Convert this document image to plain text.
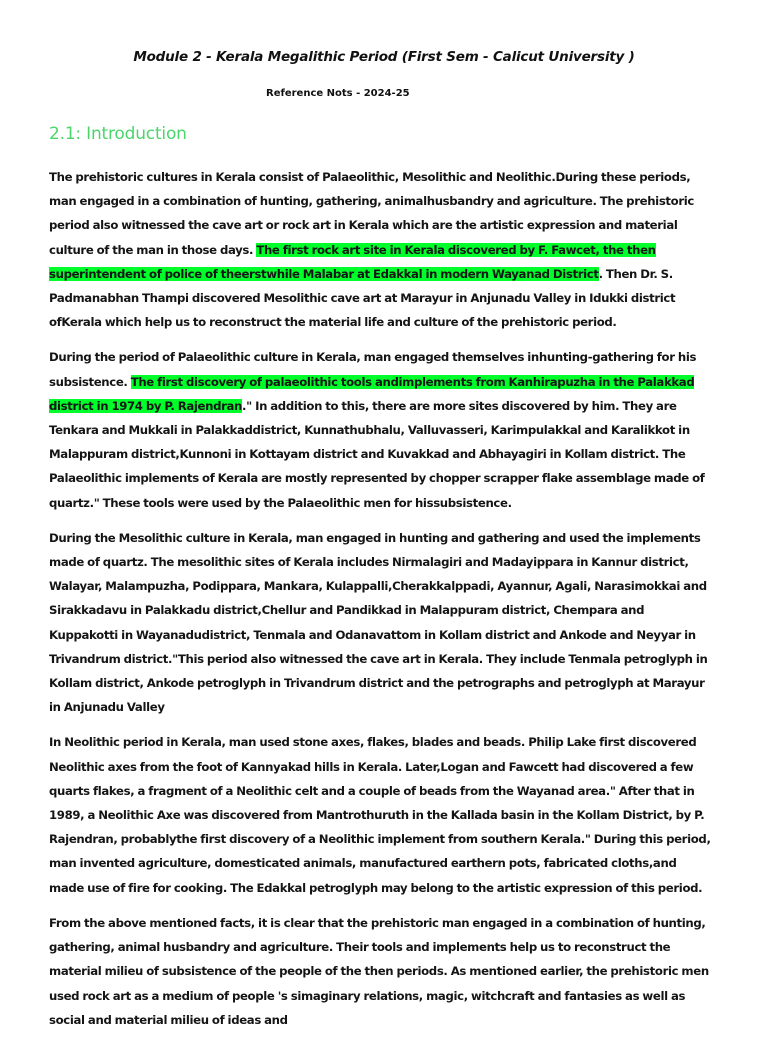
Module 2 - Kerala Megalithic Period (First Sem - Calicut University )
Reference Nots - 2024-25
2.1: Introduction

The prehistoric cultures in Kerala consist of Palaeolithic, Mesolithic and Neolithic.During these periods, man engaged in a combination of hunting, gathering, animalhusbandry and agriculture. The prehistoric period also witnessed the cave art or rock art in Kerala which are the artistic expression and material culture of the man in those days. The first rock art site in Kerala discovered by F. Fawcet, the then superintendent of police of theerstwhile Malabar at Edakkal in modern Wayanad District. Then Dr. S. Padmanabhan Thampi discovered Mesolithic cave art at Marayur in Anjunadu Valley in Idukki district ofKerala which help us to reconstruct the material life and culture of the prehistoric period.

During the period of Palaeolithic culture in Kerala, man engaged themselves inhunting-gathering for his subsistence. The first discovery of palaeolithic tools andimplements from Kanhirapuzha in the Palakkad district in 1974 by P. Rajendran." In addition to this, there are more sites discovered by him. They are Tenkara and Mukkali in Palakkaddistrict, Kunnathubhalu, Valluvasseri, Karimpulakkal and Karalikkot in Malappuram district,Kunnoni in Kottayam district and Kuvakkad and Abhayagiri in Kollam district. The Palaeolithic implements of Kerala are mostly represented by chopper scrapper flake assemblage made of quartz." These tools were used by the Palaeolithic men for hissubsistence.

During the Mesolithic culture in Kerala, man engaged in hunting and gathering and used the implements made of quartz. The mesolithic sites of Kerala includes Nirmalagiri and Madayippara in Kannur district, Walayar, Malampuzha, Podippara, Mankara, Kulappalli,Cherakkalppadi, Ayannur, Agali, Narasimokkai and Sirakkadavu in Palakkadu district,Chellur and Pandikkad in Malappuram district, Chempara and Kuppakotti in Wayanadudistrict, Tenmala and Odanavattom in Kollam district and Ankode and Neyyar in Trivandrum district."This period also witnessed the cave art in Kerala. They include Tenmala petroglyph in Kollam district, Ankode petroglyph in Trivandrum district and the petrographs and petroglyph at Marayur in Anjunadu Valley

In Neolithic period in Kerala, man used stone axes, flakes, blades and beads. Philip Lake first discovered Neolithic axes from the foot of Kannyakad hills in Kerala. Later,Logan and Fawcett had discovered a few quarts flakes, a fragment of a Neolithic celt and a couple of beads from the Wayanad area." After that in 1989, a Neolithic Axe was discovered from Mantrothuruth in the Kallada basin in the Kollam District, by P. Rajendran, probablythe first discovery of a Neolithic implement from southern Kerala." During this period, man invented agriculture, domesticated animals, manufactured earthern pots, fabricated cloths,and made use of fire for cooking. The Edakkal petroglyph may belong to the artistic expression of this period.

From the above mentioned facts, it is clear that the prehistoric man engaged in a combination of hunting, gathering, animal husbandry and agriculture. Their tools and implements help us to reconstruct the material milieu of subsistence of the people of the then periods. As mentioned earlier, the prehistoric men used rock art as a medium of people 's simaginary relations, magic, witchcraft and fantasies as well as social and material milieu of ideas and
